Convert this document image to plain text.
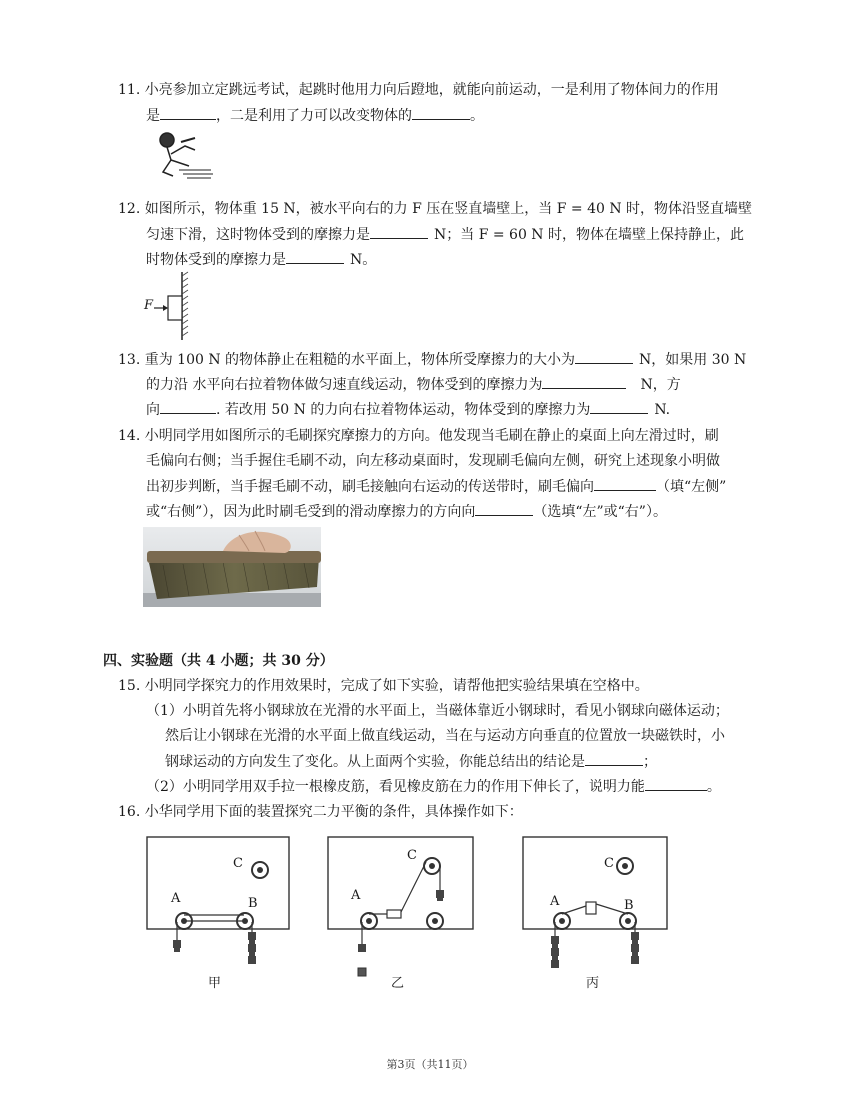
11. 小亮参加立定跳远考试，起跳时他用力向后蹬地，就能向前运动，一是利用了物体间力的作用
是	，二是利用了力可以改变物体的	。
12. 如图所示，物体重 15 N，被水平向右的力 F 压在竖直墙壁上，当 F = 40 N 时，物体沿竖直墙壁
匀速下滑，这时物体受到的摩擦力是	N；当 F = 60 N 时，物体在墙壁上保持静止，此
时物体受到的摩擦力是	N。
F
13. 重为 100 N 的物体静止在粗糙的水平面上，物体所受摩擦力的大小为	N，如果用 30 N
的力沿 水平向右拉着物体做匀速直线运动，物体受到的摩擦力为	N，方
向	. 若改用 50 N 的力向右拉着物体运动，物体受到的摩擦力为	N.
14. 小明同学用如图所示的毛刷探究摩擦力的方向。他发现当毛刷在静止的桌面上向左滑过时，刷
毛偏向右侧；当手握住毛刷不动，向左移动桌面时，发现刷毛偏向左侧，研究上述现象小明做
出初步判断，当手握毛刷不动，刷毛接触向右运动的传送带时，刷毛偏向	（填“左侧”
或“右侧”），因为此时刷毛受到的滑动摩擦力的方向向	（选填“左”或“右”）。
四、实验题（共 4 小题；共 30 分）
15. 小明同学探究力的作用效果时，完成了如下实验，请帮他把实验结果填在空格中。
（1）小明首先将小钢球放在光滑的水平面上，当磁体靠近小钢球时，看见小钢球向磁体运动；
然后让小钢球在光滑的水平面上做直线运动，当在与运动方向垂直的位置放一块磁铁时，小
钢球运动的方向发生了变化。从上面两个实验，你能总结出的结论是	；
（2）小明同学用双手拉一根橡皮筋，看见橡皮筋在力的作用下伸长了，说明力能	。
16. 小华同学用下面的装置探究二力平衡的条件，具体操作如下：
C
A	B
甲
C
A
乙
C
A	B
丙
第3页（共11页）
